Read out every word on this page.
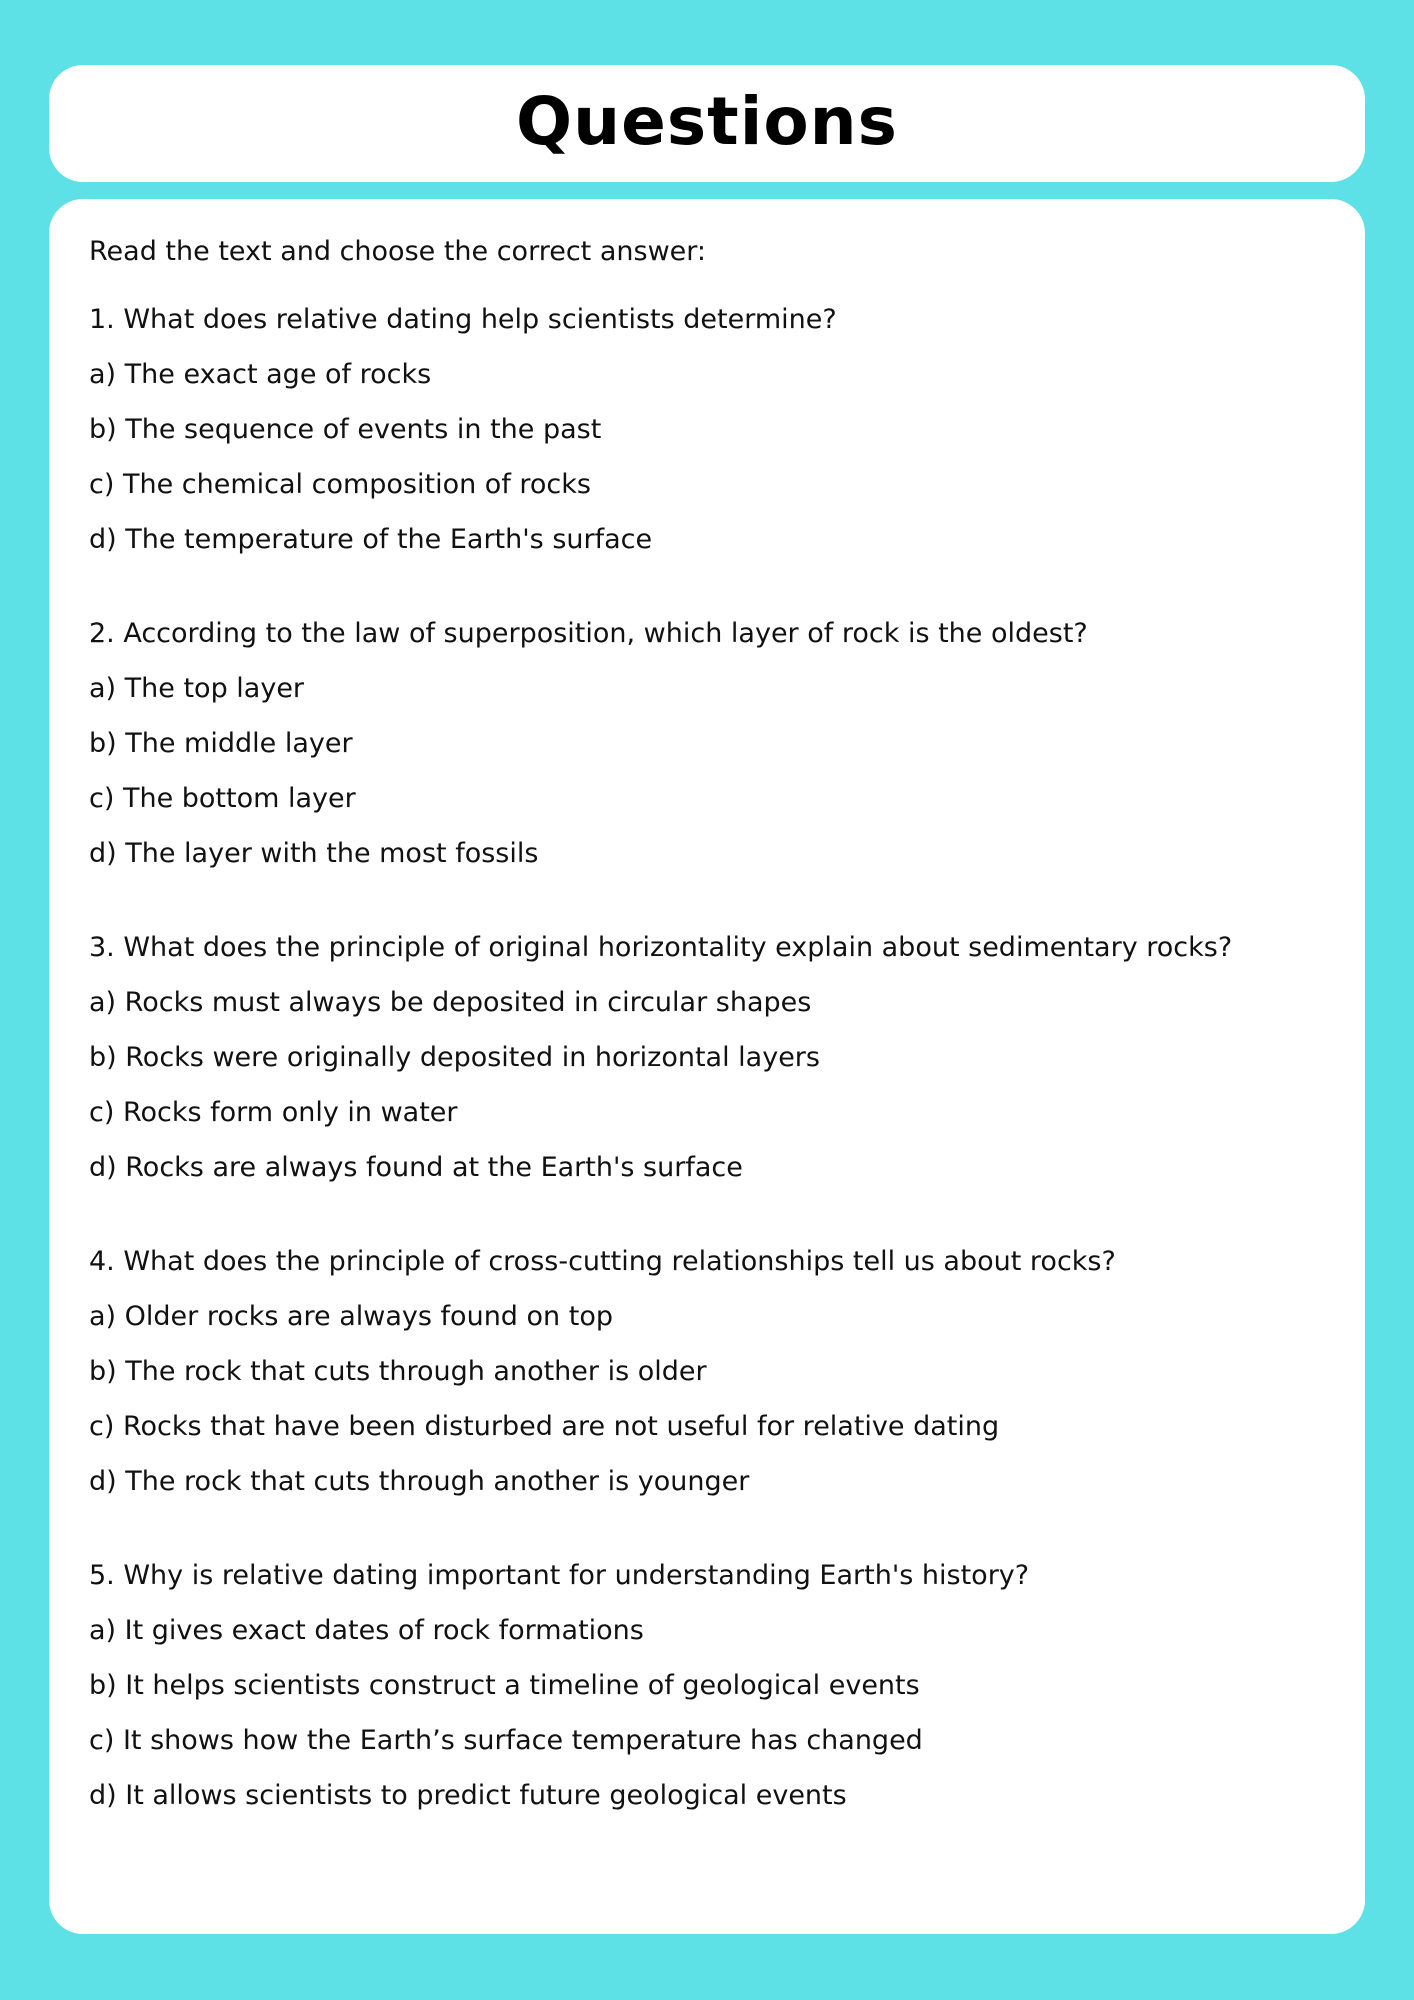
Questions

Read the text and choose the correct answer:

1. What does relative dating help scientists determine?
a) The exact age of rocks
b) The sequence of events in the past
c) The chemical composition of rocks
d) The temperature of the Earth's surface
2. According to the law of superposition, which layer of rock is the oldest?
a) The top layer
b) The middle layer
c) The bottom layer
d) The layer with the most fossils
3. What does the principle of original horizontality explain about sedimentary rocks?
a) Rocks must always be deposited in circular shapes
b) Rocks were originally deposited in horizontal layers
c) Rocks form only in water
d) Rocks are always found at the Earth's surface
4. What does the principle of cross-cutting relationships tell us about rocks?
a) Older rocks are always found on top
b) The rock that cuts through another is older
c) Rocks that have been disturbed are not useful for relative dating
d) The rock that cuts through another is younger
5. Why is relative dating important for understanding Earth's history?
a) It gives exact dates of rock formations
b) It helps scientists construct a timeline of geological events
c) It shows how the Earth’s surface temperature has changed
d) It allows scientists to predict future geological events
